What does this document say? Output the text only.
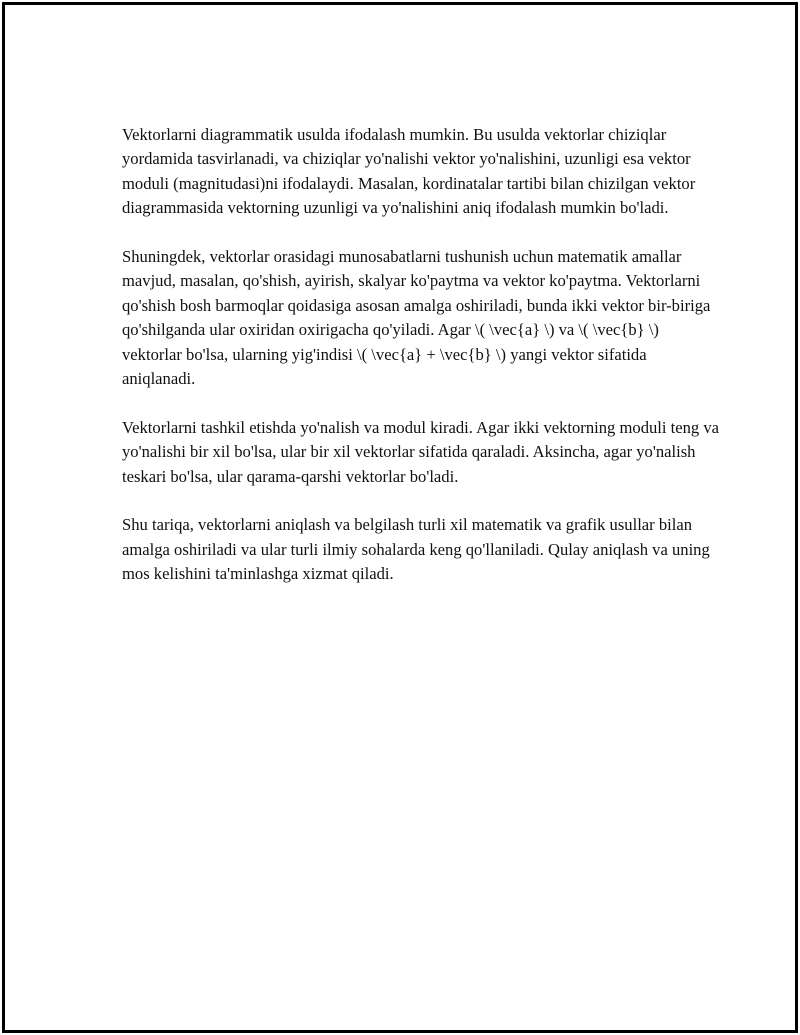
Vektorlarni diagrammatik usulda ifodalash mumkin. Bu usulda vektorlar chiziqlar yordamida tasvirlanadi, va chiziqlar yo'nalishi vektor yo'nalishini, uzunligi esa vektor moduli (magnitudasi)ni ifodalaydi. Masalan, kordinatalar tartibi bilan chizilgan vektor diagrammasida vektorning uzunligi va yo'nalishini aniq ifodalash mumkin bo'ladi.

Shuningdek, vektorlar orasidagi munosabatlarni tushunish uchun matematik amallar mavjud, masalan, qo'shish, ayirish, skalyar ko'paytma va vektor ko'paytma. Vektorlarni qo'shish bosh barmoqlar qoidasiga asosan amalga oshiriladi, bunda ikki vektor bir-biriga qo'shilganda ular oxiridan oxirigacha qo'yiladi. Agar \( \vec{a} \) va \( \vec{b} \) vektorlar bo'lsa, ularning yig'indisi \( \vec{a} + \vec{b} \) yangi vektor sifatida aniqlanadi.

Vektorlarni tashkil etishda yo'nalish va modul kiradi. Agar ikki vektorning moduli teng va yo'nalishi bir xil bo'lsa, ular bir xil vektorlar sifatida qaraladi. Aksincha, agar yo'nalish teskari bo'lsa, ular qarama-qarshi vektorlar bo'ladi.

Shu tariqa, vektorlarni aniqlash va belgilash turli xil matematik va grafik usullar bilan amalga oshiriladi va ular turli ilmiy sohalarda keng qo'llaniladi. Qulay aniqlash va uning mos kelishini ta'minlashga xizmat qiladi.
